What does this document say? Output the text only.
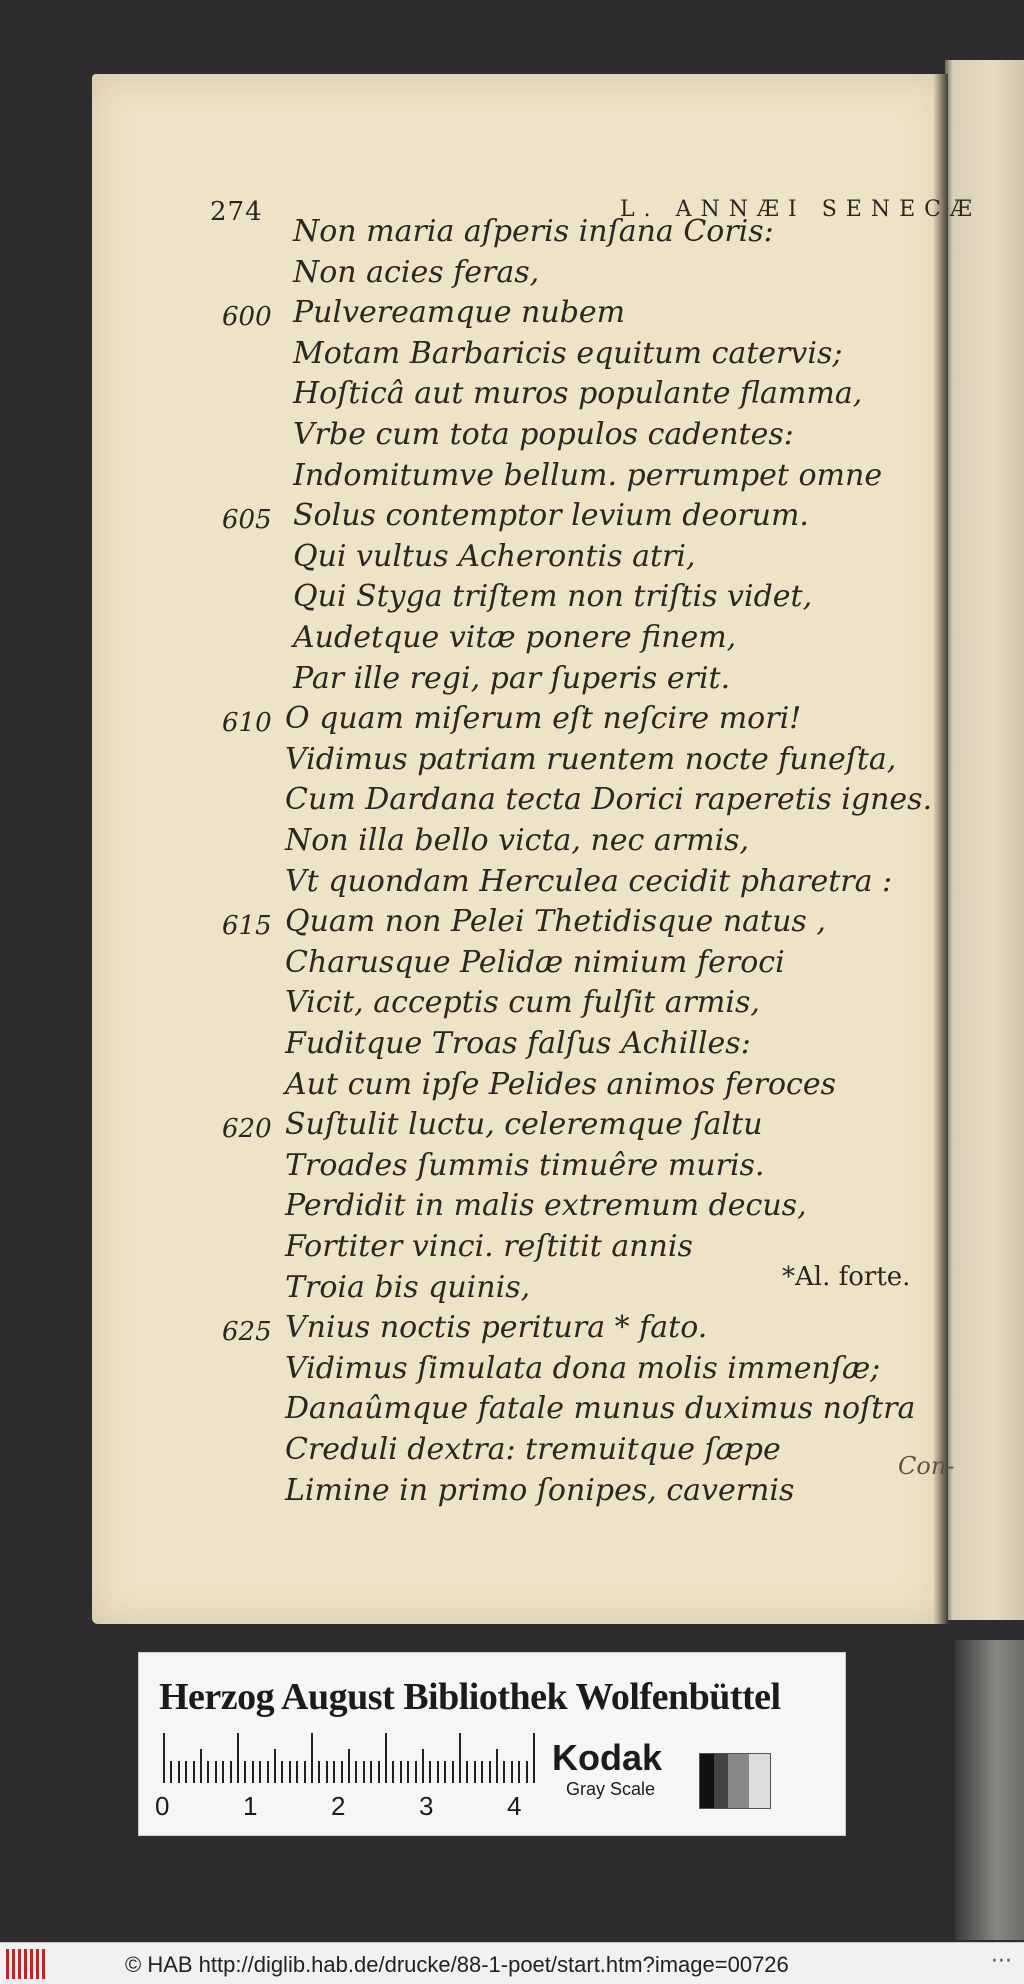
274	L. ANNÆI SENECÆ
Non maria aſperis inſana Coris:
Non acies feras,
Pulvereamque nubem
600
Motam Barbaricis equitum catervis;
Hoſticâ aut muros populante flamma,
Vrbe cum tota populos cadentes:
Indomitumve bellum. perrumpet omne
Solus contemptor levium deorum.
605
Qui vultus Acherontis atri,
Qui Styga triſtem non triſtis videt,
Audetque vitæ ponere finem,
Par ille regi, par ſuperis erit.
O quam miſerum eſt neſcire mori!
610
Vidimus patriam ruentem nocte funeſta,
Cum Dardana tecta Dorici raperetis ignes.
Non illa bello victa, nec armis,
Vt quondam Herculea cecidit pharetra :
Quam non Pelei Thetidisque natus ,
615
Charusque Pelidæ nimium feroci
Vicit, acceptis cum fulſit armis,
Fuditque Troas falſus Achilles:
Aut cum ipſe Pelides animos feroces
Suſtulit luctu, celeremque ſaltu
620
Troades ſummis timuêre muris.
Perdidit in malis extremum decus,
Fortiter vinci. reſtitit annis
Troia bis quinis,
Vnius noctis peritura * fato.
625
Vidimus ſimulata dona molis immenſæ;
Danaûmque fatale munus duximus noſtra
Creduli dextra: tremuitque ſæpe
Limine in primo ſonipes, cavernis
*Al. forte.
Con-
Herzog August Bibliothek Wolfenbüttel
Kodak
Gray Scale
0	1	2	3	4
© HAB http://diglib.hab.de/drucke/88-1-poet/start.htm?image=00726	···
